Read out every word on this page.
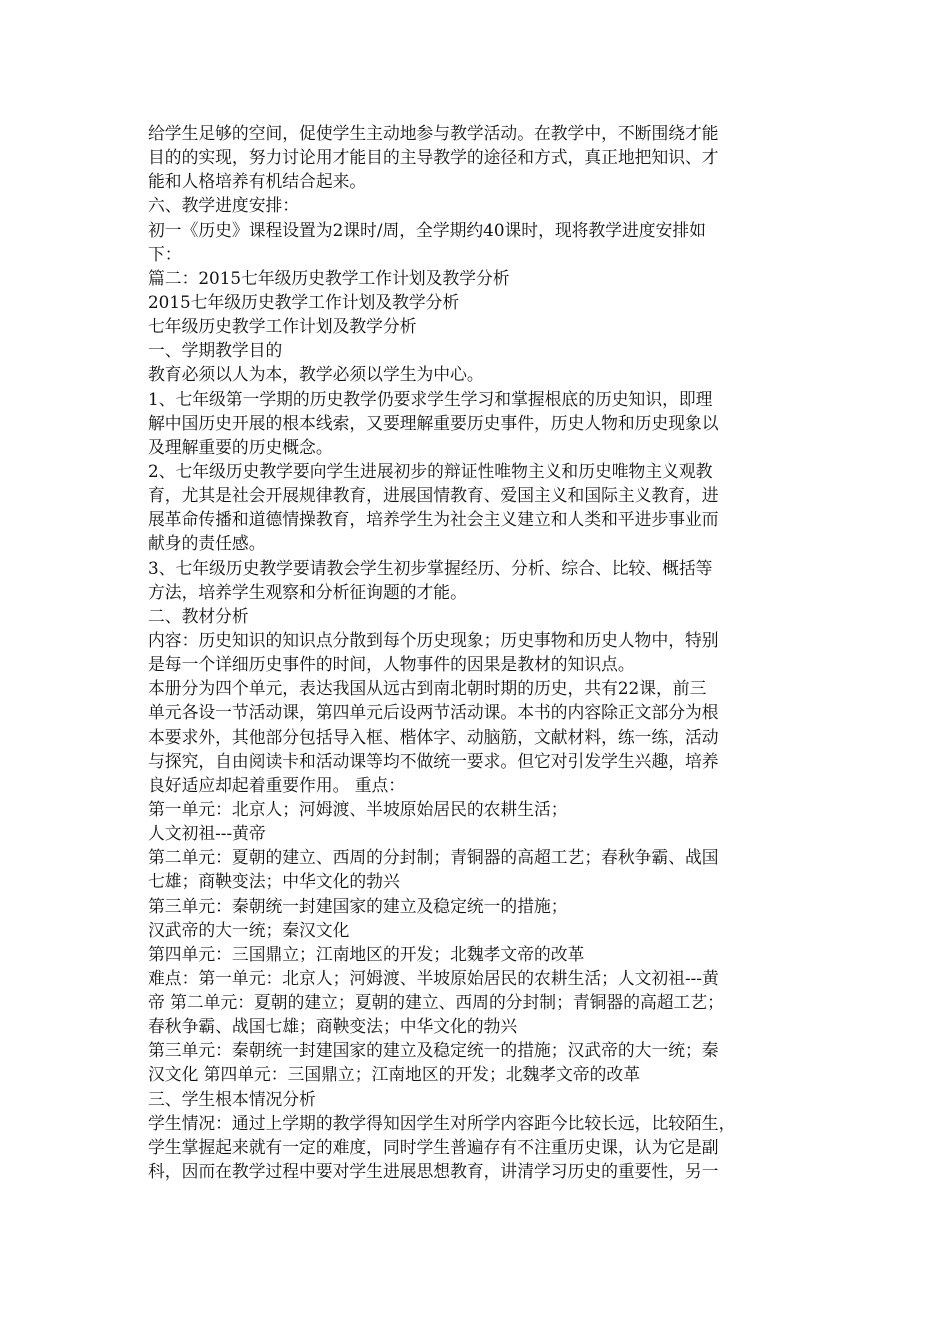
给学生足够的空间，促使学生主动地参与教学活动。在教学中，不断围绕才能
目的的实现，努力讨论用才能目的主导教学的途径和方式，真正地把知识、才
能和人格培养有机结合起来。
六、教学进度安排：
初一《历史》课程设置为2课时/周，全学期约40课时，现将教学进度安排如
下：
篇二：2015七年级历史教学工作计划及教学分析
2015七年级历史教学工作计划及教学分析
七年级历史教学工作计划及教学分析
一、学期教学目的
教育必须以人为本，教学必须以学生为中心。
1、七年级第一学期的历史教学仍要求学生学习和掌握根底的历史知识，即理
解中国历史开展的根本线索，又要理解重要历史事件，历史人物和历史现象以
及理解重要的历史概念。
2、七年级历史教学要向学生进展初步的辩证性唯物主义和历史唯物主义观教
育，尤其是社会开展规律教育，进展国情教育、爱国主义和国际主义教育，进
展革命传播和道德情操教育，培养学生为社会主义建立和人类和平进步事业而
献身的责任感。
3、七年级历史教学要请教会学生初步掌握经历、分析、综合、比较、概括等
方法，培养学生观察和分析征询题的才能。
二、教材分析
内容：历史知识的知识点分散到每个历史现象；历史事物和历史人物中，特别
是每一个详细历史事件的时间，人物事件的因果是教材的知识点。
本册分为四个单元，表达我国从远古到南北朝时期的历史，共有22课，前三
单元各设一节活动课，第四单元后设两节活动课。本书的内容除正文部分为根
本要求外，其他部分包括导入框、楷体字、动脑筋，文献材料，练一练，活动
与探究，自由阅读卡和活动课等均不做统一要求。但它对引发学生兴趣，培养
良好适应却起着重要作用。 重点：
第一单元：北京人；河姆渡、半坡原始居民的农耕生活；
人文初祖---黄帝
第二单元：夏朝的建立、西周的分封制；青铜器的高超工艺；春秋争霸、战国
七雄；商鞅变法；中华文化的勃兴
第三单元：秦朝统一封建国家的建立及稳定统一的措施；
汉武帝的大一统；秦汉文化
第四单元：三国鼎立；江南地区的开发；北魏孝文帝的改革
难点：第一单元：北京人；河姆渡、半坡原始居民的农耕生活；人文初祖---黄
帝 第二单元：夏朝的建立；夏朝的建立、西周的分封制；青铜器的高超工艺；
春秋争霸、战国七雄；商鞅变法；中华文化的勃兴
第三单元：秦朝统一封建国家的建立及稳定统一的措施；汉武帝的大一统；秦
汉文化 第四单元：三国鼎立；江南地区的开发；北魏孝文帝的改革
三、学生根本情况分析
学生情况：通过上学期的教学得知因学生对所学内容距今比较长远，比较陌生，
学生掌握起来就有一定的难度，同时学生普遍存有不注重历史课，认为它是副
科，因而在教学过程中要对学生进展思想教育，讲清学习历史的重要性，另一
